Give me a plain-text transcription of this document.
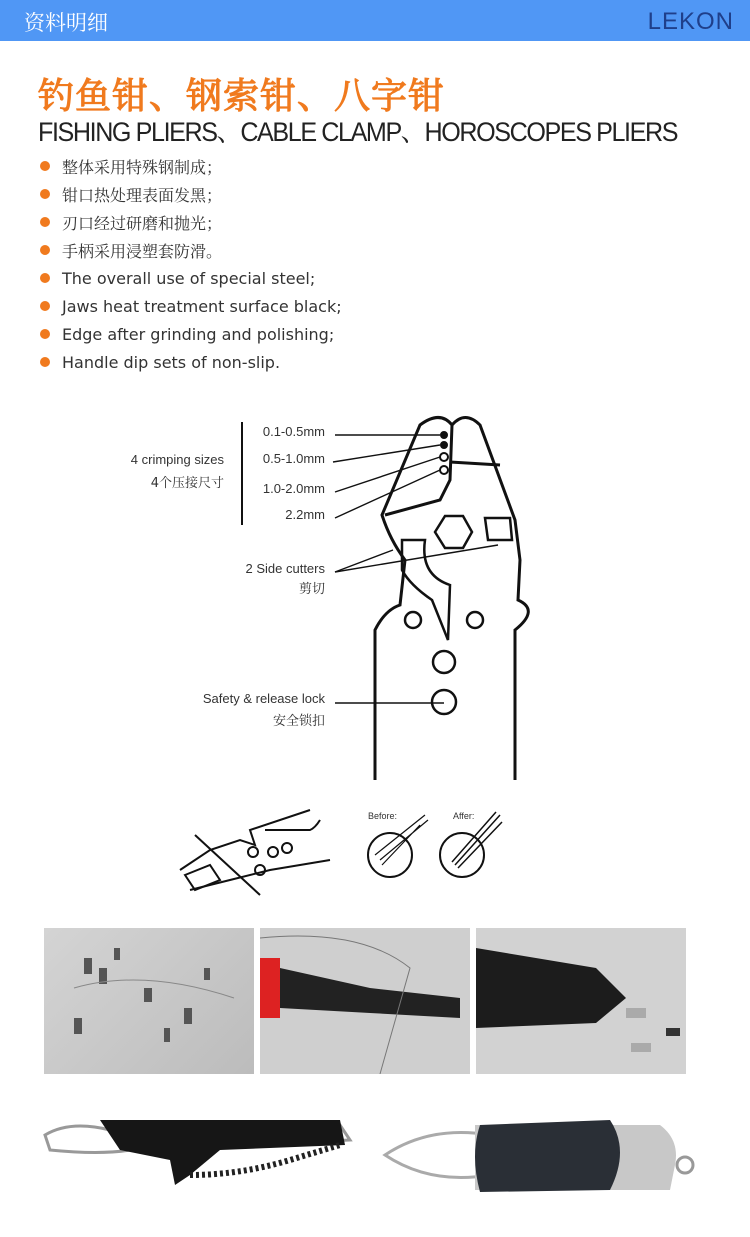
资料明细	LEKON
钓鱼钳、钢索钳、八字钳
FISHING PLIERS、CABLE CLAMP、HOROSCOPES PLIERS
整体采用特殊钢制成；
钳口热处理表面发黑；
刃口经过研磨和抛光；
手柄采用浸塑套防滑。
The overall use of special steel;
Jaws heat treatment surface black;
Edge after grinding and polishing;
Handle dip sets of non-slip.
4 crimping sizes
4个压接尺寸
0.1-0.5mm
0.5-1.0mm
1.0-2.0mm
2.2mm
2 Side cutters
剪切
Safety & release lock
安全锁扣
Before:	Affer:
